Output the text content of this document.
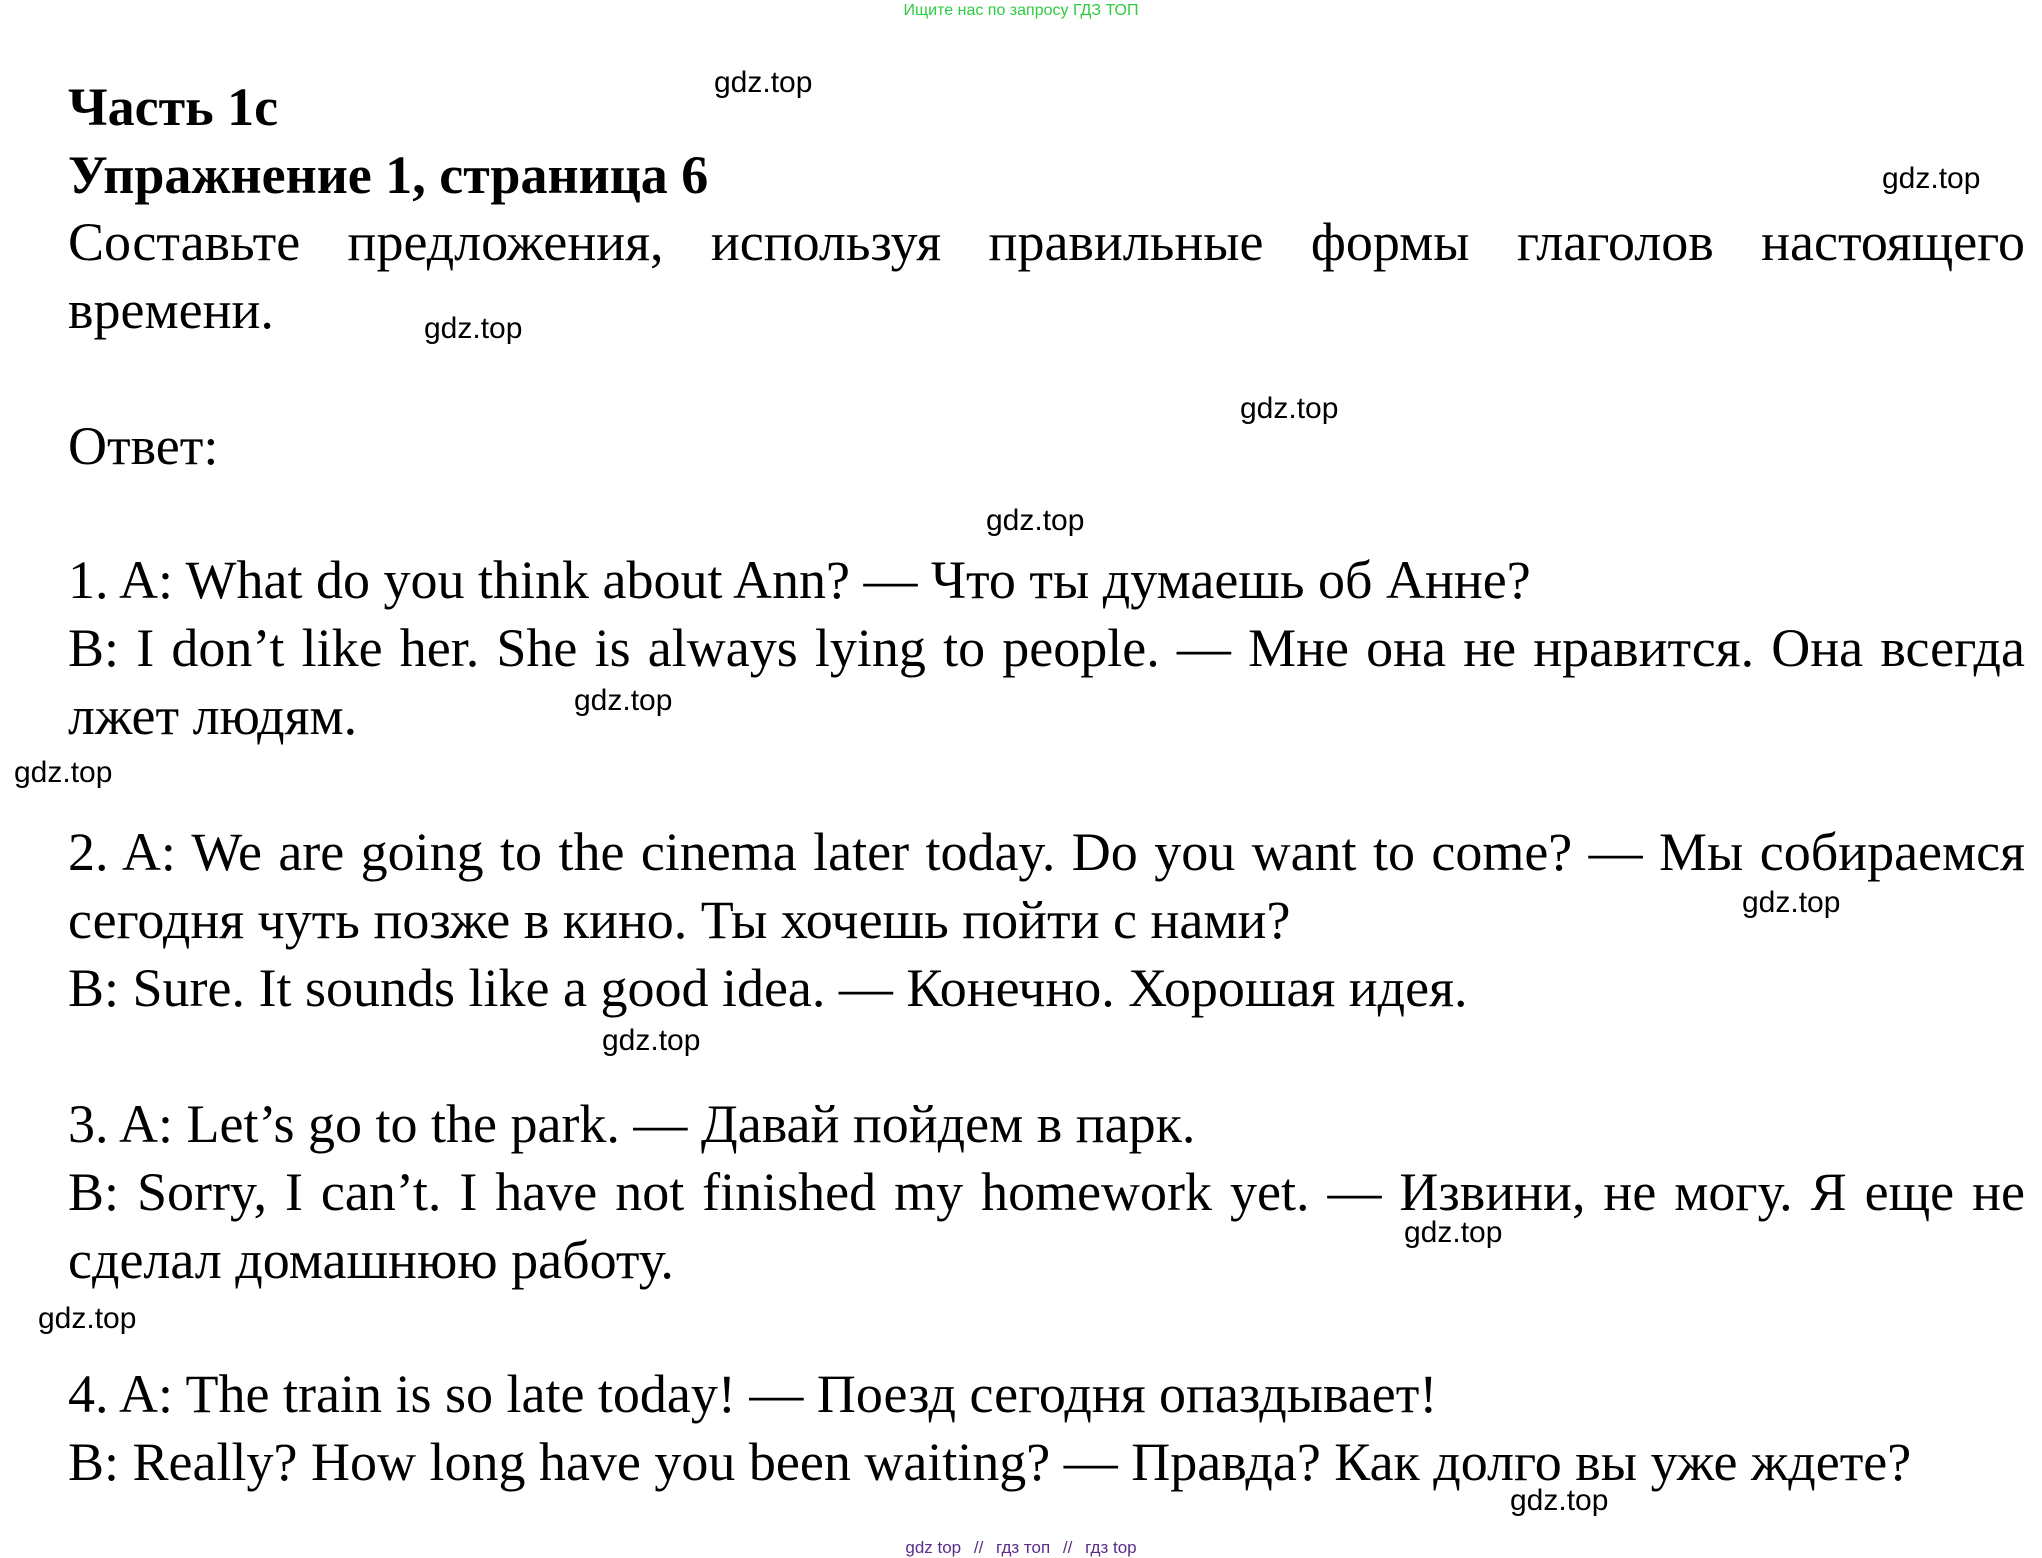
Ищите нас по запросу ГДЗ ТОП
Часть 1c
Упражнение 1, страница 6
Составьте предложения, используя правильные формы глаголов настоящего времени.
Ответ:
1. A: What do you think about Ann? — Что ты думаешь об Анне?
B: I don’t like her. She is always lying to people. — Мне она не нравится. Она всегда лжет людям.
2. A: We are going to the cinema later today. Do you want to come? — Мы собираемся сегодня чуть позже в кино. Ты хочешь пойти с нами?
B: Sure. It sounds like a good idea. — Конечно. Хорошая идея.
3. A: Let’s go to the park. — Давай пойдем в парк.
B: Sorry, I can’t. I have not finished my homework yet. — Извини, не могу. Я еще не сделал домашнюю работу.
4. A: The train is so late today! — Поезд сегодня опаздывает!
B: Really? How long have you been waiting? — Правда? Как долго вы уже ждете?
gdz.top
gdz.top
gdz.top
gdz.top
gdz.top
gdz.top
gdz.top
gdz.top
gdz.top
gdz.top
gdz.top
gdz.top
gdz top // гдз топ // гдз top
